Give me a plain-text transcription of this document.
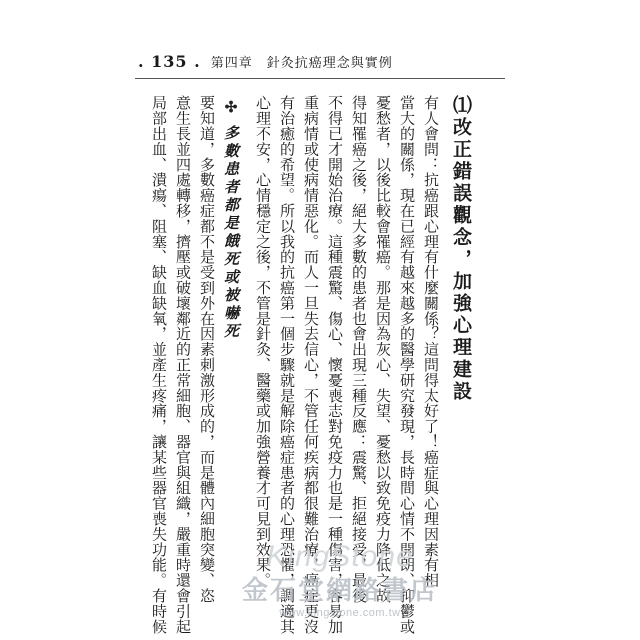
. 135 . 第四章　針灸抗癌理念與實例
⑴改正錯誤觀念，加強心理建設
有人會問：抗癌跟心理有什麼關係？這問得太好了！癌症與心理因素有相
當大的關係，現在已經有越來越多的醫學研究發現，長時間心情不開朗、抑鬱或
憂愁者，以後比較會罹癌。那是因為灰心、失望、憂愁以致免疫力降低之故
得知罹癌之後，絕大多數的患者也會出現三種反應：震驚、拒絕接受，最後
不得已才開始治療。這種震驚、傷心、懷憂喪志對免疫力也是一種傷害，容易加
重病情或使病情惡化。而人一旦失去信心，不管任何疾病都很難治療，癌症更沒
有治癒的希望。所以我的抗癌第一個步驟就是解除癌症患者的心理恐懼，調適其
心理不安，心情穩定之後，不管是針灸、醫藥或加強營養才可見到效果。
✣多數患者都是餓死或被嚇死
要知道，多數癌症都不是受到外在因素刺激形成的，而是體內細胞突變、恣
意生長並四處轉移，擠壓或破壞鄰近的正常細胞、器官與組織，嚴重時還會引起
局部出血、潰瘍、阻塞、缺血缺氧，並產生疼痛，讓某些器官喪失功能。有時候	KingStone
金石堂網路書店
www.kingstone.com.tw
